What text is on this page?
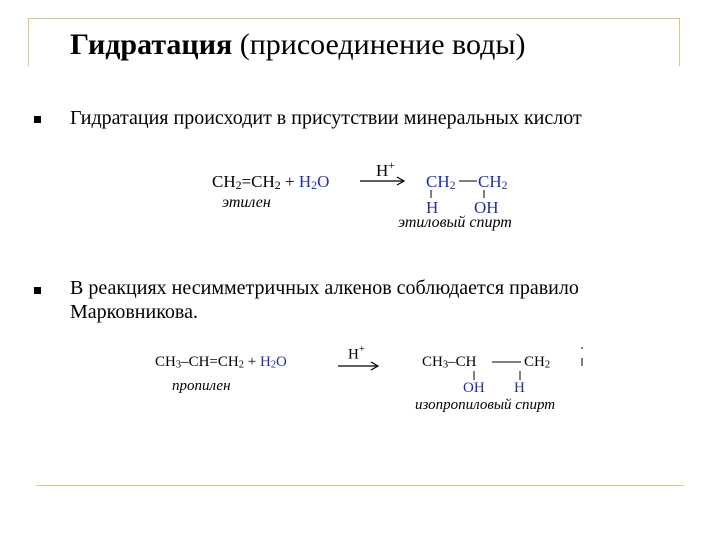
Гидратация (присоединение воды)
Гидратация происходит в присутствии минеральных кислот
В реакциях несимметричных алкенов соблюдается правило Марковникова.
$CH_2=CH_2 + H_2O$
этилен
H+
$CH_2$ $CH_2$
H OH
этиловый спирт
$CH_3-CH=CH_2 + H_2O$
пропилен
H+
$CH_3-CH$	$CH_2$
OH H
изопропиловый спирт
